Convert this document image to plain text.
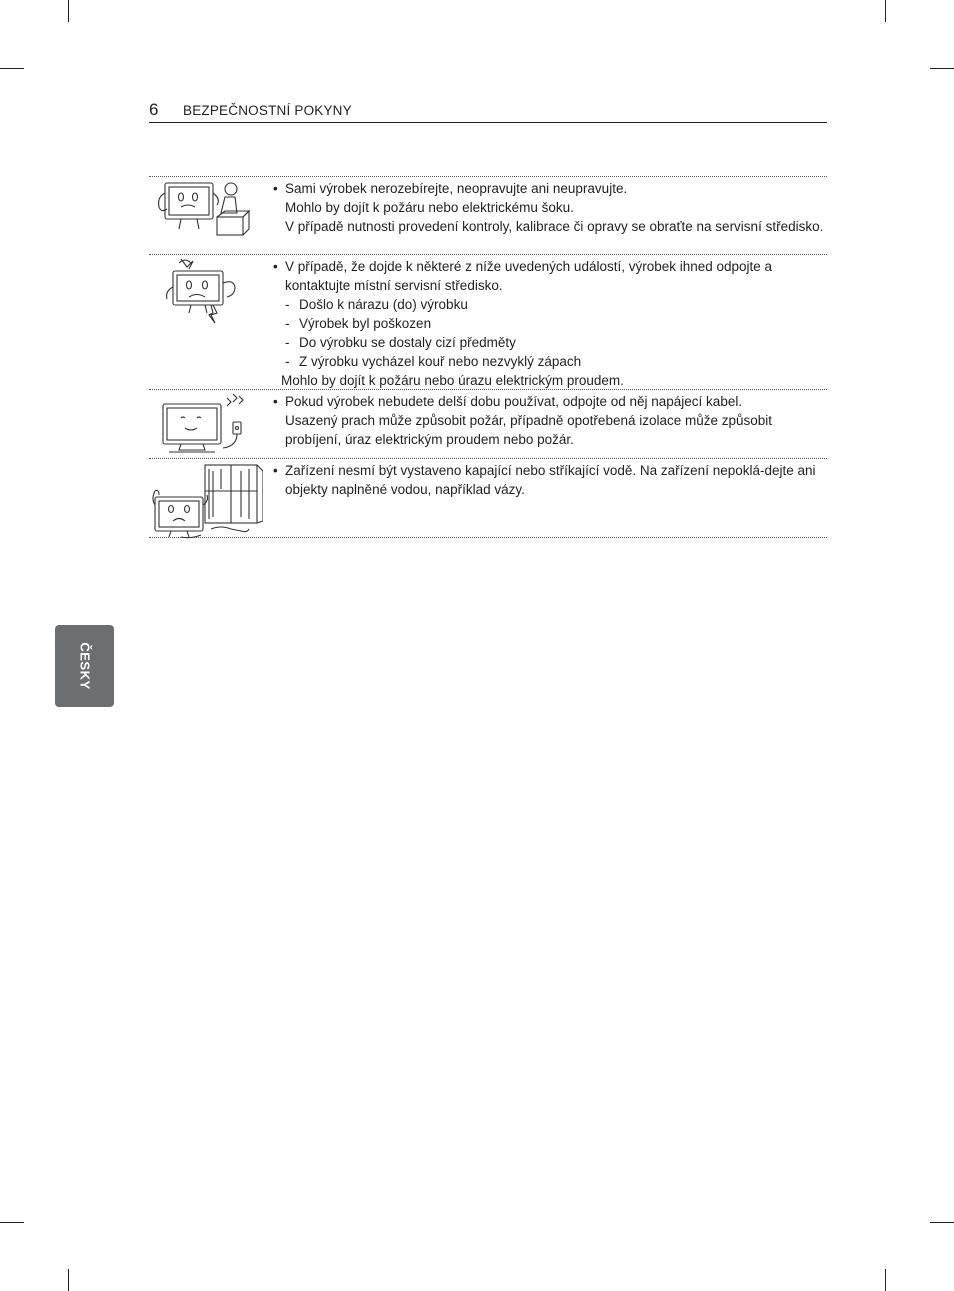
6 BEZPEČNOSTNÍ POKYNY
• Sami výrobek nerozebírejte, neopravujte ani neupravujte.
Mohlo by dojít k požáru nebo elektrickému šoku.
V případě nutnosti provedení kontroly, kalibrace či opravy se obraťte na servisní středisko.
• V případě, že dojde k některé z níže uvedených událostí, výrobek ihned odpojte a kontaktujte místní servisní středisko.
- Došlo k nárazu (do) výrobku
- Výrobek byl poškozen
- Do výrobku se dostaly cizí předměty
- Z výrobku vycházel kouř nebo nezvyklý zápach
Mohlo by dojít k požáru nebo úrazu elektrickým proudem.
• Pokud výrobek nebudete delší dobu používat, odpojte od něj napájecí kabel.
Usazený prach může způsobit požár, případně opotřebená izolace může způsobit probíjení, úraz elektrickým proudem nebo požár.
• Zařízení nesmí být vystaveno kapající nebo stříkající vodě. Na zařízení nepoklá-dejte ani objekty naplněné vodou, například vázy.
ČESKY
